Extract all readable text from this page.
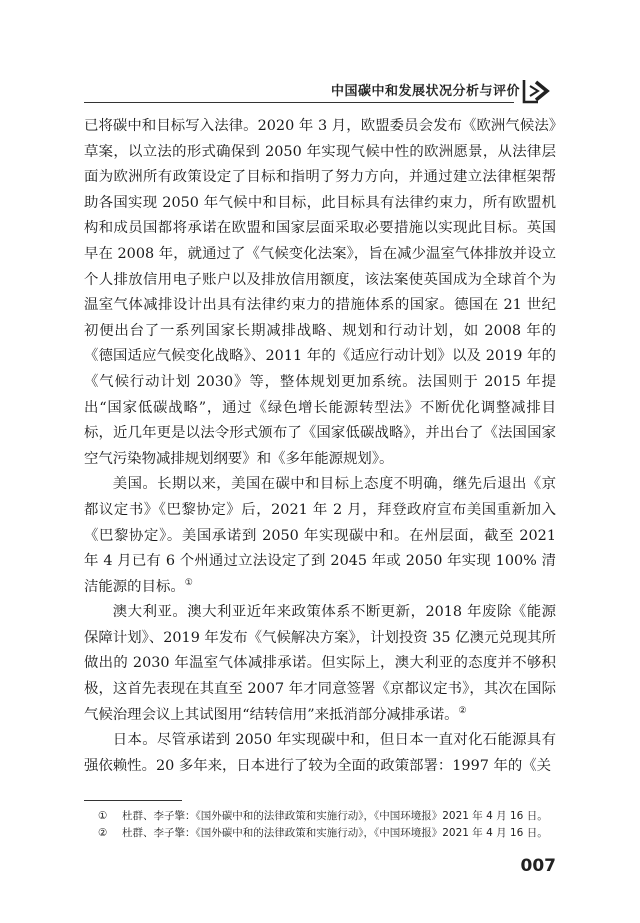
中国碳中和发展状况分析与评价

已将碳中和目标写入法律。2020 年 3 月，欧盟委员会发布《欧洲气候法》草案，以立法的形式确保到 2050 年实现气候中性的欧洲愿景，从法律层面为欧洲所有政策设定了目标和指明了努力方向，并通过建立法律框架帮助各国实现 2050 年气候中和目标，此目标具有法律约束力，所有欧盟机构和成员国都将承诺在欧盟和国家层面采取必要措施以实现此目标。英国早在 2008 年，就通过了《气候变化法案》，旨在减少温室气体排放并设立个人排放信用电子账户以及排放信用额度，该法案使英国成为全球首个为温室气体减排设计出具有法律约束力的措施体系的国家。德国在 21 世纪初便出台了一系列国家长期减排战略、规划和行动计划，如 2008 年的《德国适应气候变化战略》、2011 年的《适应行动计划》以及 2019 年的《气候行动计划 2030》等，整体规划更加系统。法国则于 2015 年提出“国家低碳战略”，通过《绿色增长能源转型法》不断优化调整减排目标，近几年更是以法令形式颁布了《国家低碳战略》，并出台了《法国国家空气污染物减排规划纲要》和《多年能源规划》。

美国。长期以来，美国在碳中和目标上态度不明确，继先后退出《京都议定书》《巴黎协定》后，2021 年 2 月，拜登政府宣布美国重新加入《巴黎协定》。美国承诺到 2050 年实现碳中和。在州层面，截至 2021 年 4 月已有 6 个州通过立法设定了到 2045 年或 2050 年实现 100% 清洁能源的目标。①

澳大利亚。澳大利亚近年来政策体系不断更新，2018 年废除《能源保障计划》、2019 年发布《气候解决方案》，计划投资 35 亿澳元兑现其所做出的 2030 年温室气体减排承诺。但实际上，澳大利亚的态度并不够积极，这首先表现在其直至 2007 年才同意签署《京都议定书》，其次在国际气候治理会议上其试图用“结转信用”来抵消部分减排承诺。②

日本。尽管承诺到 2050 年实现碳中和，但日本一直对化石能源具有强依赖性。20 多年来，日本进行了较为全面的政策部署：1997 年的《关

① 杜群、李子擎：《国外碳中和的法律政策和实施行动》，《中国环境报》2021 年 4 月 16 日。
② 杜群、李子擎：《国外碳中和的法律政策和实施行动》，《中国环境报》2021 年 4 月 16 日。
007
